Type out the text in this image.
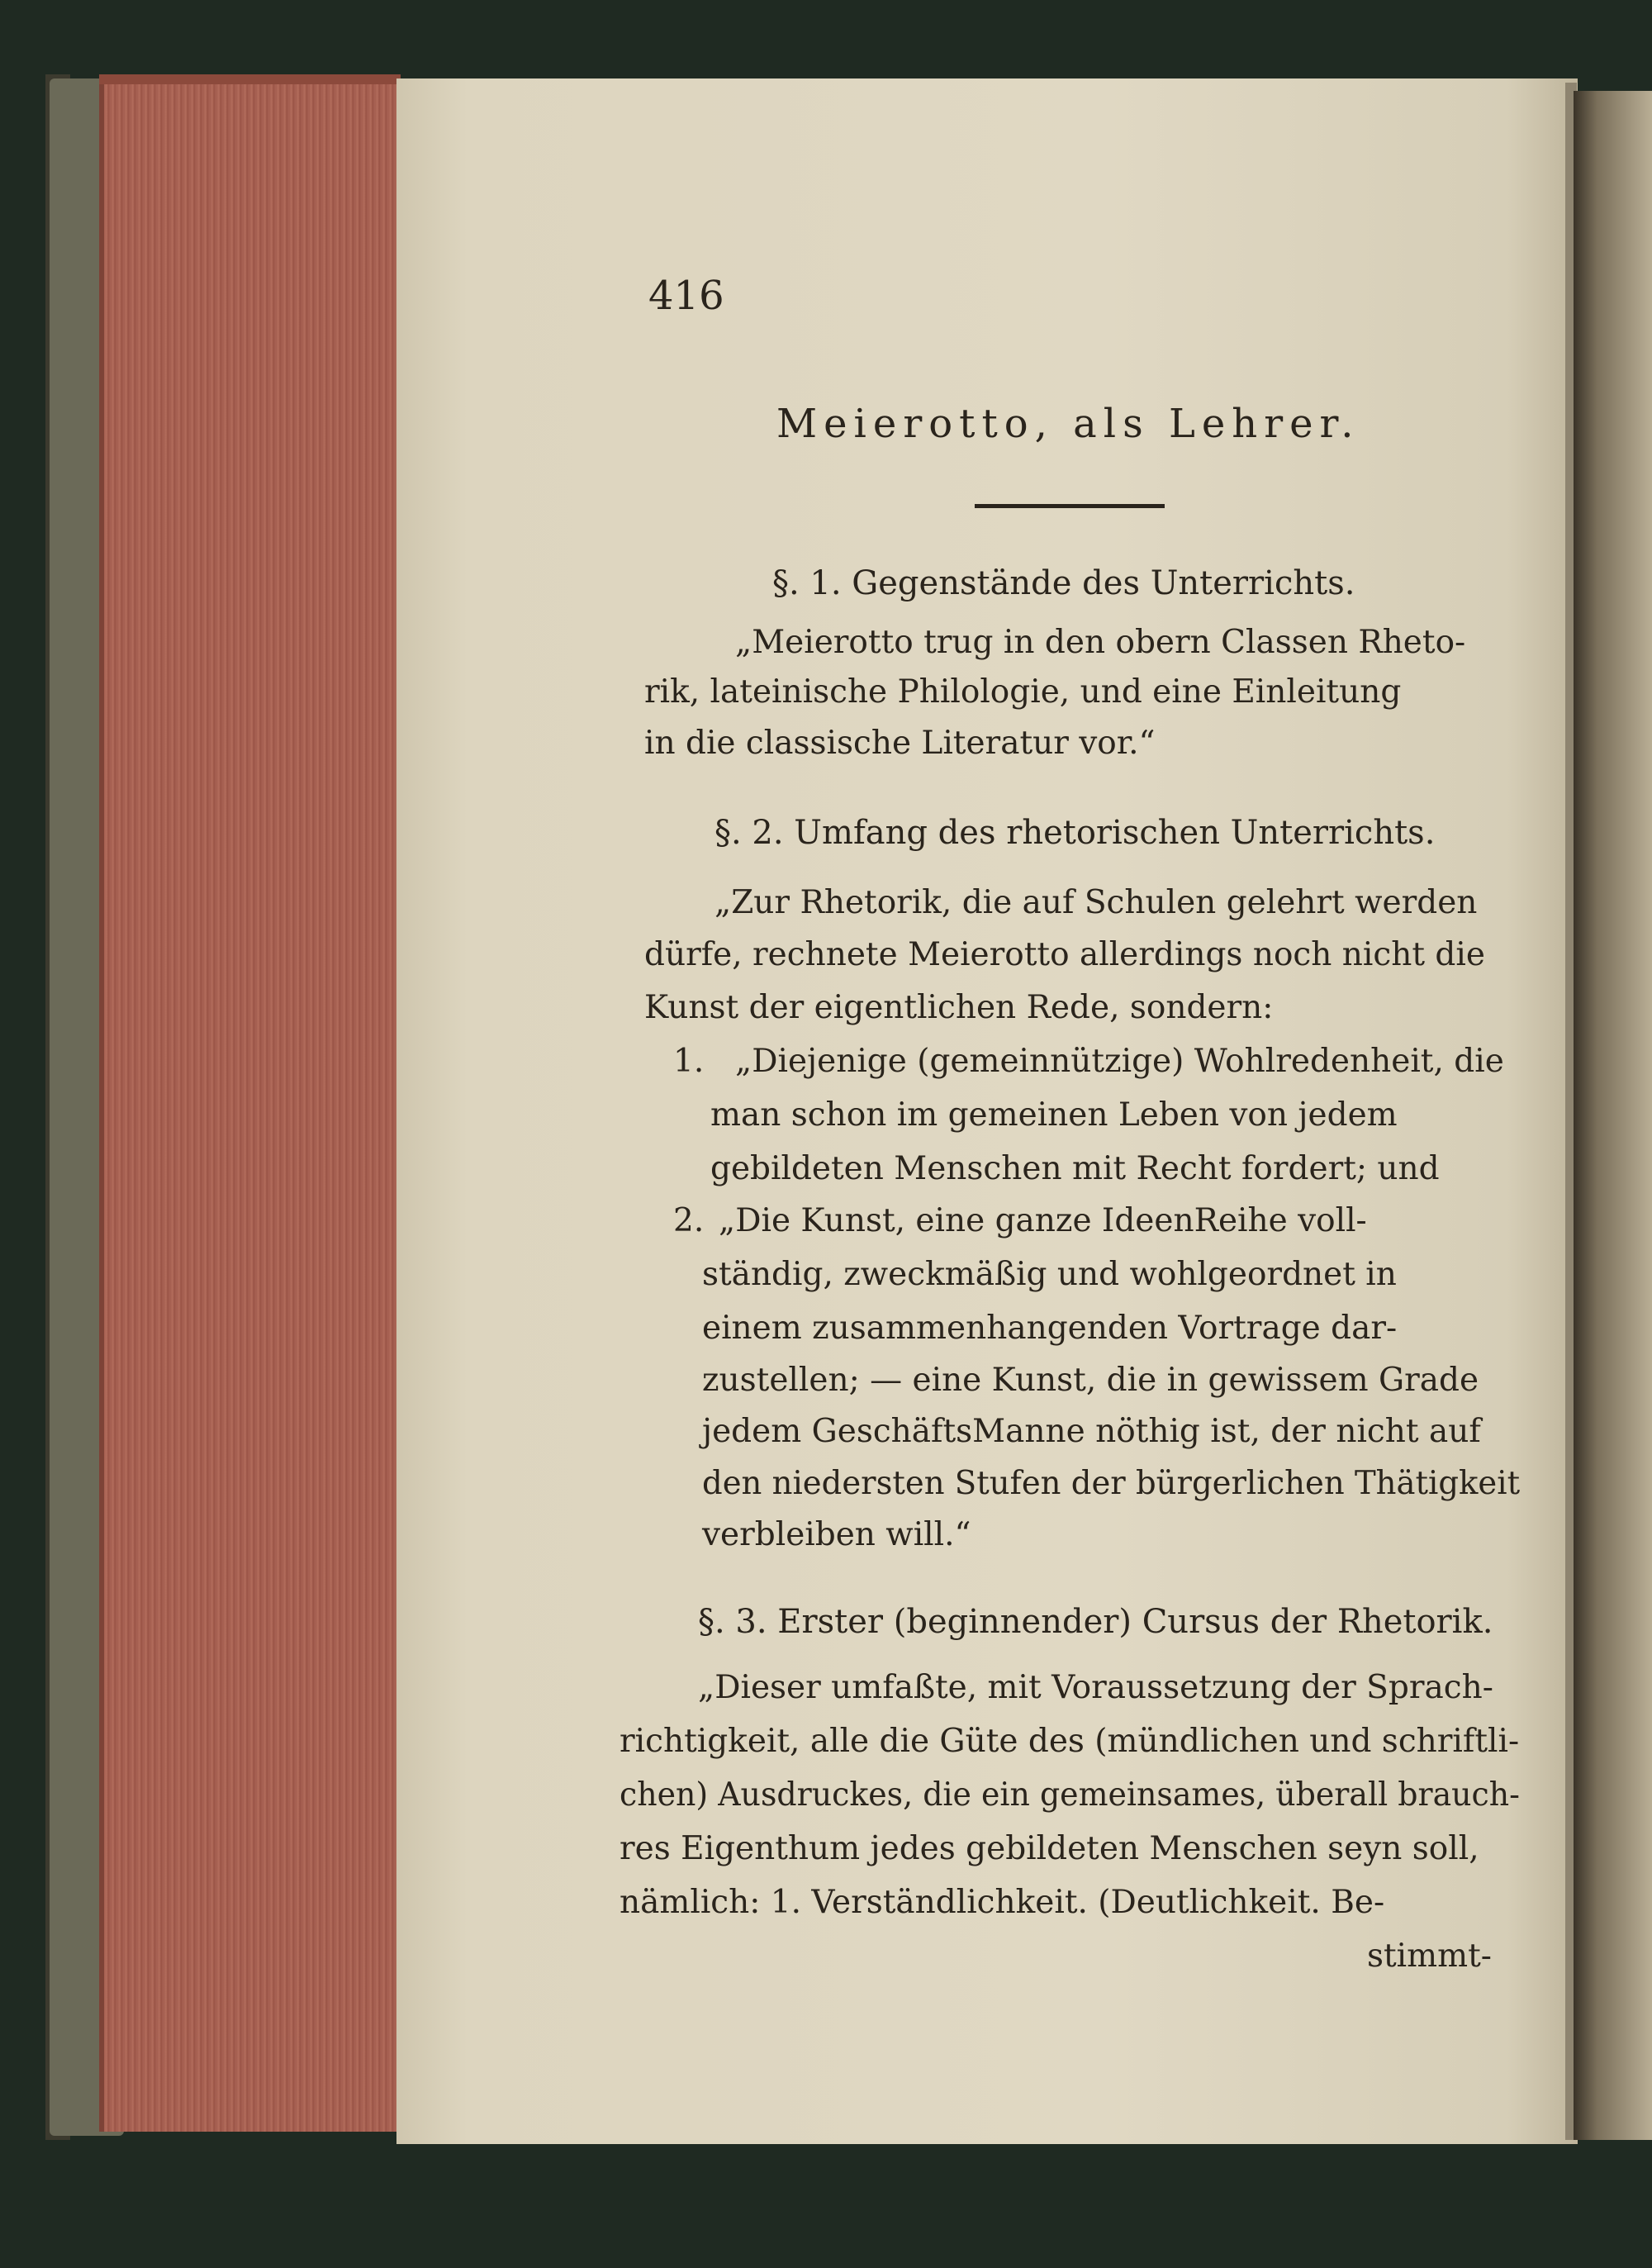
416
Meierotto, als Lehrer.
§. 1. Gegenstände des Unterrichts.
„Meierotto trug in den obern Classen Rheto-
rik, lateinische Philologie, und eine Einleitung
in die classische Literatur vor.“
§. 2. Umfang des rhetorischen Unterrichts.
„Zur Rhetorik, die auf Schulen gelehrt werden
dürfe, rechnete Meierotto allerdings noch nicht die
Kunst der eigentlichen Rede, sondern:
1. „Diejenige (gemeinnützige) Wohlredenheit, die
man schon im gemeinen Leben von jedem
gebildeten Menschen mit Recht fordert; und
2. „Die Kunst, eine ganze IdeenReihe voll-
ständig, zweckmäßig und wohlgeordnet in
einem zusammenhangenden Vortrage dar-
zustellen; — eine Kunst, die in gewissem Grade
jedem GeschäftsManne nöthig ist, der nicht auf
den niedersten Stufen der bürgerlichen Thätigkeit
verbleiben will.“
§. 3. Erster (beginnender) Cursus der Rhetorik.
„Dieser umfaßte, mit Voraussetzung der Sprach-
richtigkeit, alle die Güte des (mündlichen und schriftli-
chen) Ausdruckes, die ein gemeinsames, überall brauch-
res Eigenthum jedes gebildeten Menschen seyn soll,
nämlich: 1. Verständlichkeit. (Deutlichkeit. Be-
stimmt-
